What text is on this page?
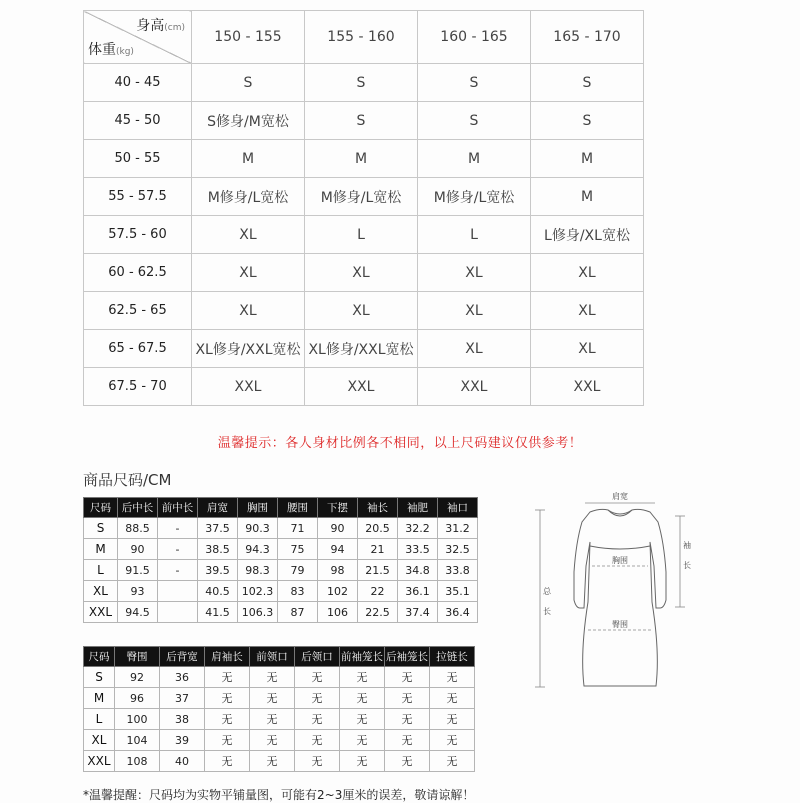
身高(cm)
体重(kg)	150 - 155	155 - 160	160 - 165	165 - 170
40 - 45	S	S	S	S
45 - 50	S修身/M宽松	S	S	S
50 - 55	M	M	M	M
55 - 57.5	M修身/L宽松	M修身/L宽松	M修身/L宽松	M
57.5 - 60	XL	L	L	L修身/XL宽松
60 - 62.5	XL	XL	XL	XL
62.5 - 65	XL	XL	XL	XL
65 - 67.5	XL修身/XXL宽松	XL修身/XXL宽松	XL	XL
67.5 - 70	XXL	XXL	XXL	XXL
温馨提示：各人身材比例各不相同，以上尺码建议仅供参考！
商品尺码/CM
尺码	后中长	前中长	肩宽	胸围	腰围	下摆	袖长	袖肥	袖口
S	88.5	-	37.5	90.3	71	90	20.5	32.2	31.2
M	90	-	38.5	94.3	75	94	21	33.5	32.5
L	91.5	-	39.5	98.3	79	98	21.5	34.8	33.8
XL	93		40.5	102.3	83	102	22	36.1	35.1
XXL	94.5		41.5	106.3	87	106	22.5	37.4	36.4
尺码	臀围	后背宽	肩袖长	前领口	后领口	前袖笼长	后袖笼长	拉链长
S	92	36	无	无	无	无	无	无
M	96	37	无	无	无	无	无	无
L	100	38	无	无	无	无	无	无
XL	104	39	无	无	无	无	无	无
XXL	108	40	无	无	无	无	无	无
肩宽
胸围
臀围
总
长
袖
长
*温馨提醒：尺码均为实物平铺量图，可能有2~3厘米的误差，敬请谅解！
